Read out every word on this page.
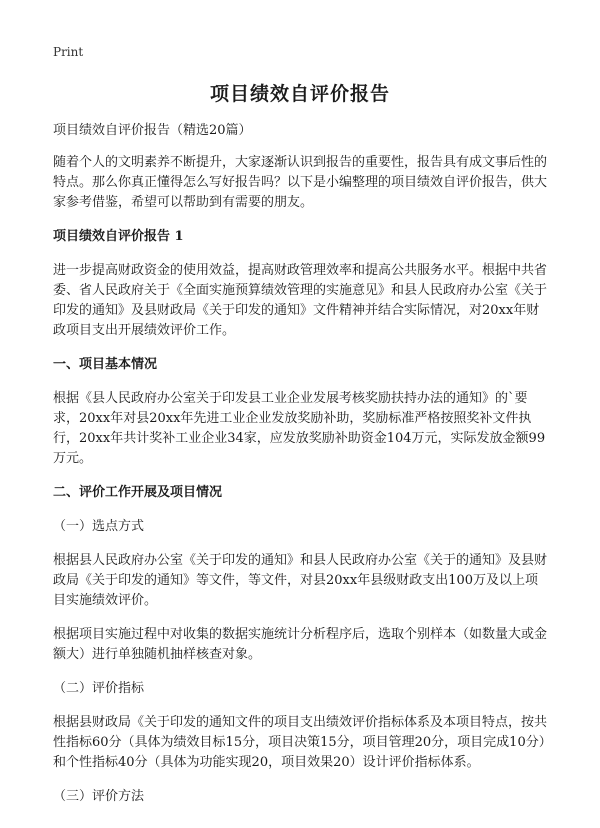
Print
项目绩效自评价报告

项目绩效自评价报告（精选20篇）

随着个人的文明素养不断提升，大家逐渐认识到报告的重要性，报告具有成文事后性的特点。那么你真正懂得怎么写好报告吗？以下是小编整理的项目绩效自评价报告，供大家参考借鉴，希望可以帮助到有需要的朋友。

项目绩效自评价报告 1

进一步提高财政资金的使用效益，提高财政管理效率和提高公共服务水平。根据中共省委、省人民政府关于《全面实施预算绩效管理的实施意见》和县人民政府办公室《关于印发的通知》及县财政局《关于印发的通知》文件精神并结合实际情况，对20xx年财政项目支出开展绩效评价工作。

一、项目基本情况

根据《县人民政府办公室关于印发县工业企业发展考核奖励扶持办法的通知》的`要求，20xx年对县20xx年先进工业企业发放奖励补助，奖励标准严格按照奖补文件执行，20xx年共计奖补工业企业34家，应发放奖励补助资金104万元，实际发放金额99万元。

二、评价工作开展及项目情况

（一）选点方式

根据县人民政府办公室《关于印发的通知》和县人民政府办公室《关于的通知》及县财政局《关于印发的通知》等文件，等文件，对县20xx年县级财政支出100万及以上项目实施绩效评价。

根据项目实施过程中对收集的数据实施统计分析程序后，选取个别样本（如数量大或金额大）进行单独随机抽样核查对象。

（二）评价指标

根据县财政局《关于印发的通知文件的项目支出绩效评价指标体系及本项目特点，按共性指标60分（具体为绩效目标15分，项目决策15分，项目管理20分，项目完成10分）和个性指标40分（具体为功能实现20，项目效果20）设计评价指标体系。

（三）评价方法
